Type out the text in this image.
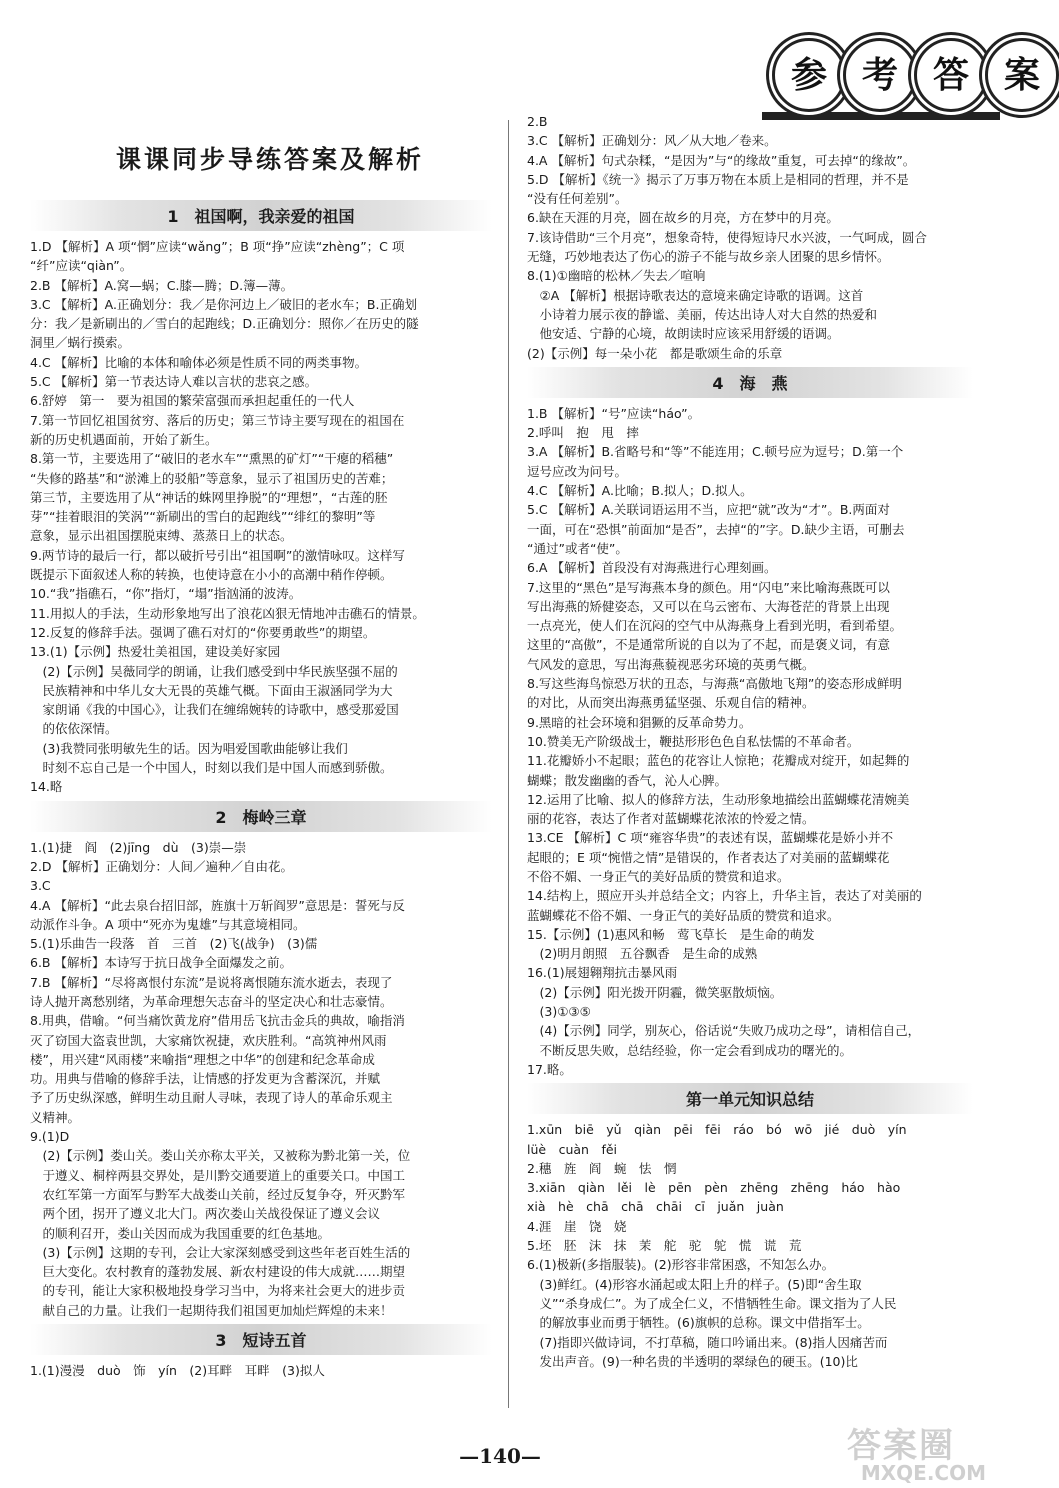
参 考 答 案
课课同步导练答案及解析
1　祖国啊，我亲爱的祖国
1.D 【解析】A 项“惘”应读“wǎng”；B 项“挣”应读“zhèng”；C 项
“纤”应读“qiàn”。
2.B 【解析】A.窝—蜗；C.膝—腾；D.簿—薄。
3.C 【解析】A.正确划分：我／是你河边上／破旧的老水车；B.正确划
分：我／是新刷出的／雪白的起跑线；D.正确划分：照你／在历史的隧
洞里／蜗行摸索。
4.C 【解析】比喻的本体和喻体必须是性质不同的两类事物。
5.C 【解析】第一节表达诗人难以言状的悲哀之感。
6.舒婷　第一　要为祖国的繁荣富强而承担起重任的一代人
7.第一节回忆祖国贫穷、落后的历史；第三节诗主要写现在的祖国在
新的历史机遇面前，开始了新生。
8.第一节，主要选用了“破旧的老水车”“熏黑的矿灯”“干瘪的稻穗”
“失修的路基”和“淤滩上的驳船”等意象，显示了祖国历史的苦难；
第三节，主要选用了从“神话的蛛网里挣脱”的“理想”，“古莲的胚
芽”“挂着眼泪的笑涡”“新刷出的雪白的起跑线”“绯红的黎明”等
意象，显示出祖国摆脱束缚、蒸蒸日上的状态。
9.两节诗的最后一行，都以破折号引出“祖国啊”的激情咏叹。这样写
既提示下面叙述人称的转换，也使诗意在小小的高潮中稍作停顿。
10.“我”指礁石，“你”指灯，“塌”指汹涌的波涛。
11.用拟人的手法，生动形象地写出了浪花凶狠无情地冲击礁石的情景。
12.反复的修辞手法。强调了礁石对灯的“你要勇敢些”的期望。
13.(1)【示例】热爱壮美祖国，建设美好家园
　(2)【示例】吴薇同学的朗诵，让我们感受到中华民族坚强不屈的
　民族精神和中华儿女大无畏的英雄气概。下面由王淑涵同学为大
　家朗诵《我的中国心》，让我们在缠绵婉转的诗歌中，感受那爱国
　的依依深情。
　(3)我赞同张明敏先生的话。因为唱爱国歌曲能够让我们
　时刻不忘自己是一个中国人，时刻以我们是中国人而感到骄傲。
14.略
2　梅岭三章
1.(1)捷　阎　(2)jīng　dù　(3)崇—崇
2.D 【解析】正确划分：人间／遍种／自由花。
3.C
4.A 【解析】“此去泉台招旧部，旌旗十万斩阎罗”意思是：誓死与反
动派作斗争。A 项中“死亦为鬼雄”与其意境相同。
5.(1)乐曲告一段落　首　三首　(2)飞(战争)　(3)儒
6.B 【解析】本诗写于抗日战争全面爆发之前。
7.B 【解析】“尽将离恨付东流”是说将离恨随东流水逝去，表现了
诗人抛开离愁别绪，为革命理想矢志奋斗的坚定决心和壮志豪情。
8.用典，借喻。“何当痛饮黄龙府”借用岳飞抗击金兵的典故，喻指消
灭了窃国大盗袁世凯，大家痛饮祝捷，欢庆胜利。“高筑神州风雨
楼”，用兴建“风雨楼”来喻指“理想之中华”的创建和纪念革命成
功。用典与借喻的修辞手法，让情感的抒发更为含蓄深沉，并赋
予了历史纵深感，鲜明生动且耐人寻味，表现了诗人的革命乐观主
义精神。
9.(1)D
　(2)【示例】娄山关。娄山关亦称太平关，又被称为黔北第一关，位
　于遵义、桐梓两县交界处，是川黔交通要道上的重要关口。中国工
　农红军第一方面军与黔军大战娄山关前，经过反复争夺，歼灭黔军
　两个团，拐开了遵义北大门。两次娄山关战役保证了遵义会议
　的顺利召开，娄山关因而成为我国重要的红色基地。
　(3)【示例】这期的专刊，会让大家深刻感受到这些年老百姓生活的
　巨大变化。农村教育的蓬勃发展、新农村建设的伟大成就……期望
　的专刊，能让大家积极地投身学习当中，为将来社会更大的进步贡
　献自己的力量。让我们一起期待我们祖国更加灿烂辉煌的未来！
3　短诗五首
1.(1)漫漫　duò　饰　yín　(2)耳畔　耳畔　(3)拟人
2.B
3.C 【解析】正确划分：风／从大地／卷来。
4.A 【解析】句式杂糅，“是因为”与“的缘故”重复，可去掉“的缘故”。
5.D 【解析】《统一》揭示了万事万物在本质上是相同的哲理，并不是
“没有任何差别”。
6.缺在天涯的月亮，圆在故乡的月亮，方在梦中的月亮。
7.该诗借助“三个月亮”，想象奇特，使得短诗尺水兴波，一气呵成，圆合
无缝，巧妙地表达了伤心的游子不能与故乡亲人团聚的思乡情怀。
8.(1)①幽暗的松林／失去／喧响
　②A 【解析】根据诗歌表达的意境来确定诗歌的语调。这首
　小诗着力展示夜的静谧、美丽，传达出诗人对大自然的热爱和
　他安适、宁静的心境，故朗读时应该采用舒缓的语调。
(2)【示例】每一朵小花　都是歌颂生命的乐章
4　海　燕
1.B 【解析】“号”应读“háo”。
2.呼叫　抱　甩　摔
3.A 【解析】B.省略号和“等”不能连用；C.顿号应为逗号；D.第一个
逗号应改为问号。
4.C 【解析】A.比喻；B.拟人；D.拟人。
5.C 【解析】A.关联词语运用不当，应把“就”改为“才”。B.两面对
一面，可在“恐惧”前面加“是否”，去掉“的”字。D.缺少主语，可删去
“通过”或者“使”。
6.A 【解析】首段没有对海燕进行心理刻画。
7.这里的“黑色”是写海燕本身的颜色。用“闪电”来比喻海燕既可以
写出海燕的矫健姿态，又可以在乌云密布、大海苍茫的背景上出现
一点亮光，使人们在沉闷的空气中从海燕身上看到光明，看到希望。
这里的“高傲”，不是通常所说的自以为了不起，而是褒义词，有意
气风发的意思，写出海燕藐视恶劣环境的英勇气概。
8.写这些海鸟惊恐万状的丑态，与海燕“高傲地飞翔”的姿态形成鲜明
的对比，从而突出海燕勇猛坚强、乐观自信的精神。
9.黑暗的社会环境和猖獗的反革命势力。
10.赞美无产阶级战士，鞭挞形形色色自私怯懦的不革命者。
11.花瓣娇小不起眼；蓝色的花容让人惊艳；花瓣成对绽开，如起舞的
蝴蝶；散发幽幽的香气，沁人心脾。
12.运用了比喻、拟人的修辞方法，生动形象地描绘出蓝蝴蝶花清婉美
丽的花容，表达了作者对蓝蝴蝶花浓浓的怜爱之情。
13.CE 【解析】C 项“雍容华贵”的表述有误，蓝蝴蝶花是娇小并不
起眼的；E 项“惋惜之情”是错误的，作者表达了对美丽的蓝蝴蝶花
不俗不媚、一身正气的美好品质的赞赏和追求。
14.结构上，照应开头并总结全文；内容上，升华主旨，表达了对美丽的
蓝蝴蝶花不俗不媚、一身正气的美好品质的赞赏和追求。
15.【示例】(1)惠风和畅　莺飞草长　是生命的萌发
　(2)明月朗照　五谷飘香　是生命的成熟
16.(1)展翅翱翔抗击暴风雨
　(2)【示例】阳光拨开阴霾，微笑驱散烦恼。
　(3)①③⑤
　(4)【示例】同学，别灰心，俗话说“失败乃成功之母”，请相信自己，
　不断反思失败，总结经验，你一定会看到成功的曙光的。
17.略。
第一单元知识总结
1.xūn　biē　yǔ　qiàn　pēi　fēi　ráo　bó　wō　jié　duò　yín
lüè　cuàn　fěi
2.穗　旌　阎　蜿　怯　惘
3.xiān　qiàn　lěi　lè　pēn　pèn　zhēng　zhēng　háo　hào
xià　hè　chā　chā　chāi　cī　juǎn　juàn
4.涯　崖　饶　娆
5.坯　胚　沫　抹　茉　舵　驼　鸵　慌　谎　荒
6.(1)极新(多指服装)。(2)形容非常困惑，不知怎么办。
　(3)鲜红。(4)形容水涌起或太阳上升的样子。(5)即“舍生取
　义”“杀身成仁”。为了成全仁义，不惜牺牲生命。课文指为了人民
　的解放事业而勇于牺牲。(6)旗帜的总称。课文中借指军士。
　(7)指即兴做诗词，不打草稿，随口吟诵出来。(8)指人因痛苦而
　发出声音。(9)一种名贵的半透明的翠绿色的硬玉。(10)比
—140—	答案圈
MXQE.COM
